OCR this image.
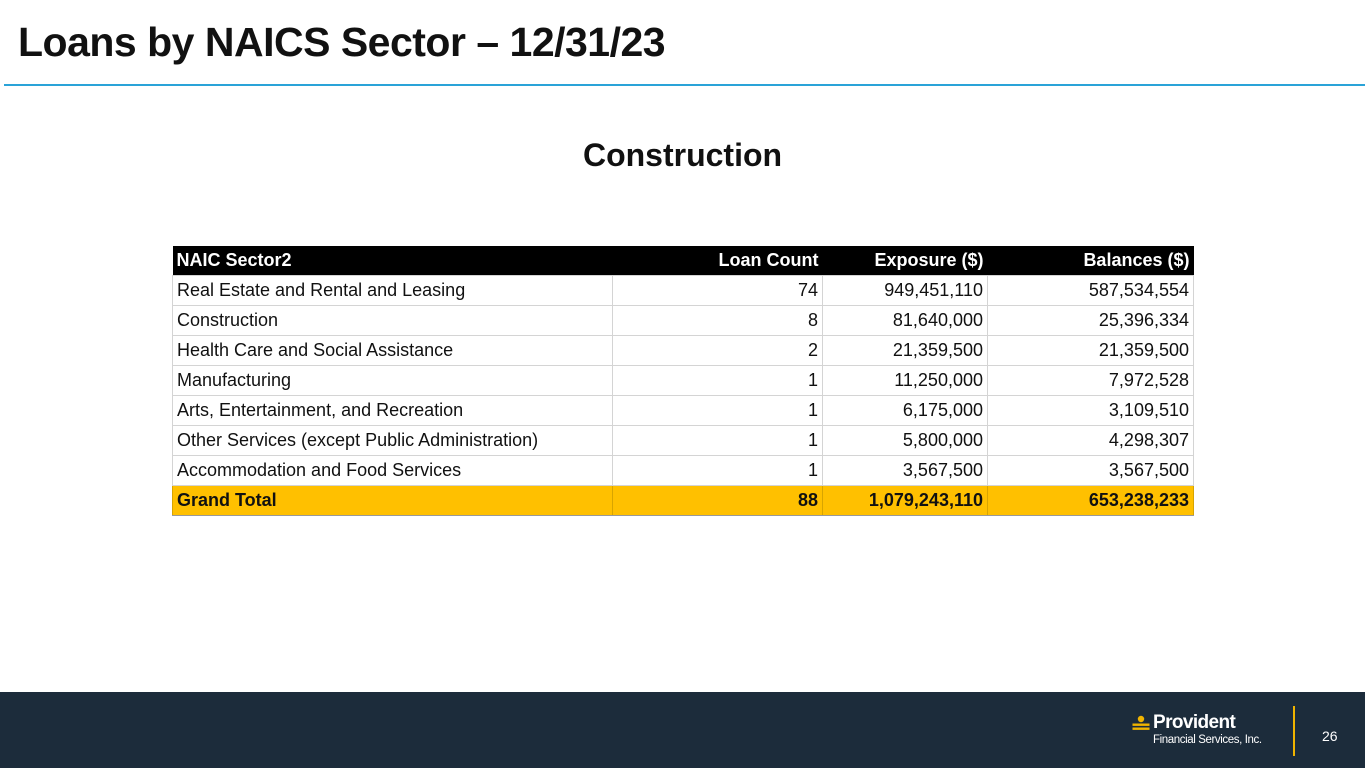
Loans by NAICS Sector – 12/31/23
Construction
NAIC Sector2	Loan Count	Exposure ($)	Balances ($)
Real Estate and Rental and Leasing	74	949,451,110	587,534,554
Construction	8	81,640,000	25,396,334
Health Care and Social Assistance	2	21,359,500	21,359,500
Manufacturing	1	11,250,000	7,972,528
Arts, Entertainment, and Recreation	1	6,175,000	3,109,510
Other Services (except Public Administration)	1	5,800,000	4,298,307
Accommodation and Food Services	1	3,567,500	3,567,500
Grand Total	88	1,079,243,110	653,238,233
Provident
Financial Services, Inc.	26
